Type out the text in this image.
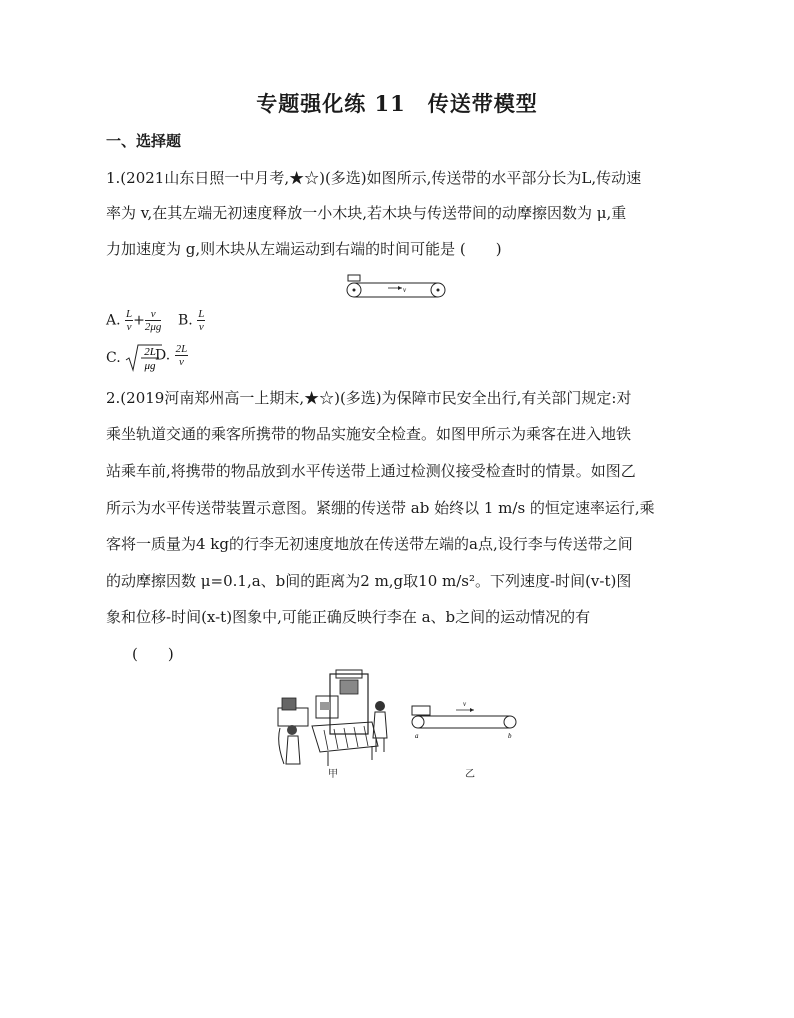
专题强化练 11　传送带模型
一、选择题
1.(2021山东日照一中月考,★☆)(多选)如图所示,传送带的水平部分长为L,传动速
率为 v,在其左端无初速度释放一小木块,若木块与传送带间的动摩擦因数为 μ,重
力加速度为 g,则木块从左端运动到右端的时间可能是 (　　)
v
A. $\frac{L}{v} + \frac{v}{2\mu g} B$. $\frac{L}{v}$
C. 2L
μg
D. $\frac{2L}{v}$
2.(2019河南郑州高一上期末,★☆)(多选)为保障市民安全出行,有关部门规定:对
乘坐轨道交通的乘客所携带的物品实施安全检查。如图甲所示为乘客在进入地铁
站乘车前,将携带的物品放到水平传送带上通过检测仪接受检查时的情景。如图乙
所示为水平传送带装置示意图。紧绷的传送带 ab 始终以 1 m/s 的恒定速率运行,乘
客将一质量为4 kg的行李无初速度地放在传送带左端的a点,设行李与传送带之间
的动摩擦因数 μ=0.1,a、b间的距离为2 m,g取10 m/s²。下列速度-时间(v-t)图
象和位移-时间(x-t)图象中,可能正确反映行李在 a、b之间的运动情况的有
(　　)
甲
v
a	b
乙
